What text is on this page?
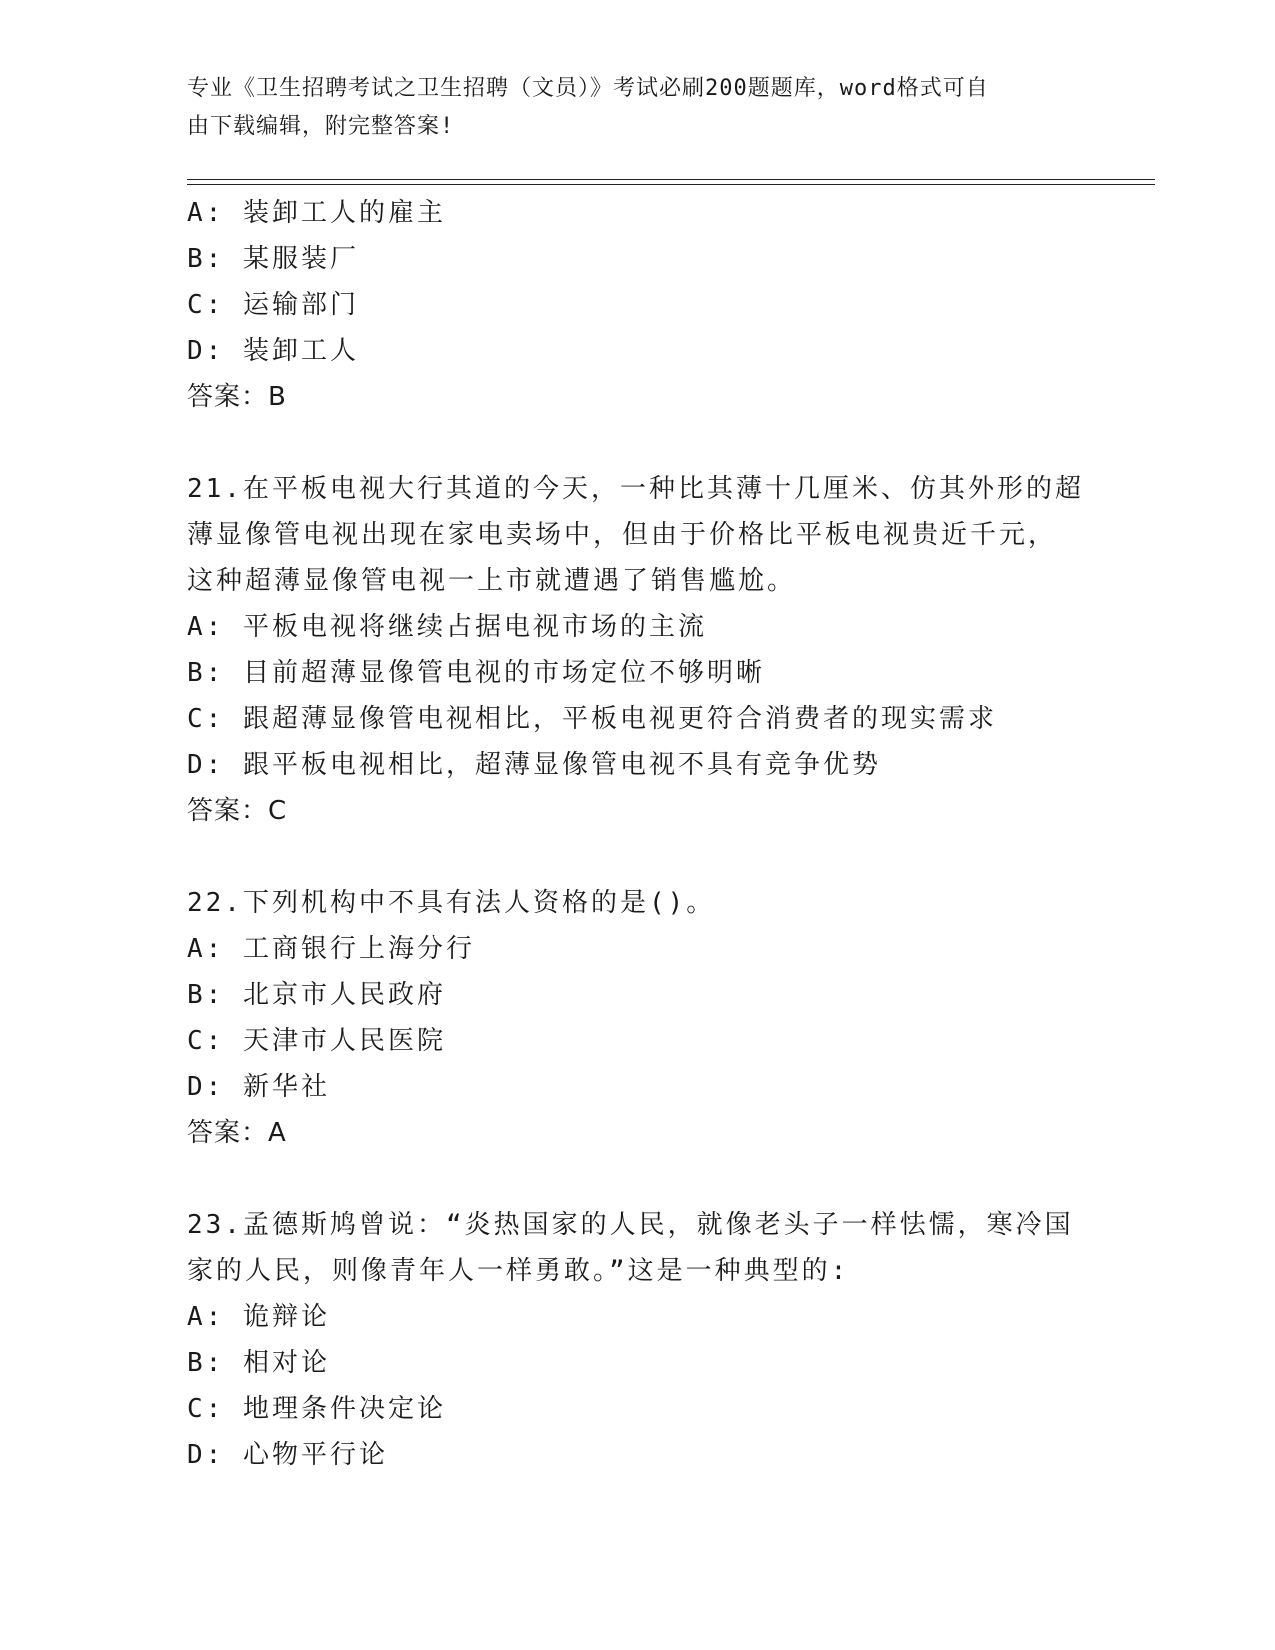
专业《卫生招聘考试之卫生招聘（文员）》考试必刷200题题库，word格式可自
由下载编辑，附完整答案!
A: 装卸工人的雇主
B: 某服装厂
C: 运输部门
D: 装卸工人
答案：B
21.在平板电视大行其道的今天，一种比其薄十几厘米、仿其外形的超
薄显像管电视出现在家电卖场中，但由于价格比平板电视贵近千元，
这种超薄显像管电视一上市就遭遇了销售尴尬。
A: 平板电视将继续占据电视市场的主流
B: 目前超薄显像管电视的市场定位不够明晰
C: 跟超薄显像管电视相比，平板电视更符合消费者的现实需求
D: 跟平板电视相比，超薄显像管电视不具有竞争优势
答案：C
22.下列机构中不具有法人资格的是()。
A: 工商银行上海分行
B: 北京市人民政府
C: 天津市人民医院
D: 新华社
答案：A
23.孟德斯鸠曾说：“炎热国家的人民，就像老头子一样怯懦，寒冷国
家的人民，则像青年人一样勇敢。”这是一种典型的:
A: 诡辩论
B: 相对论
C: 地理条件决定论
D: 心物平行论
